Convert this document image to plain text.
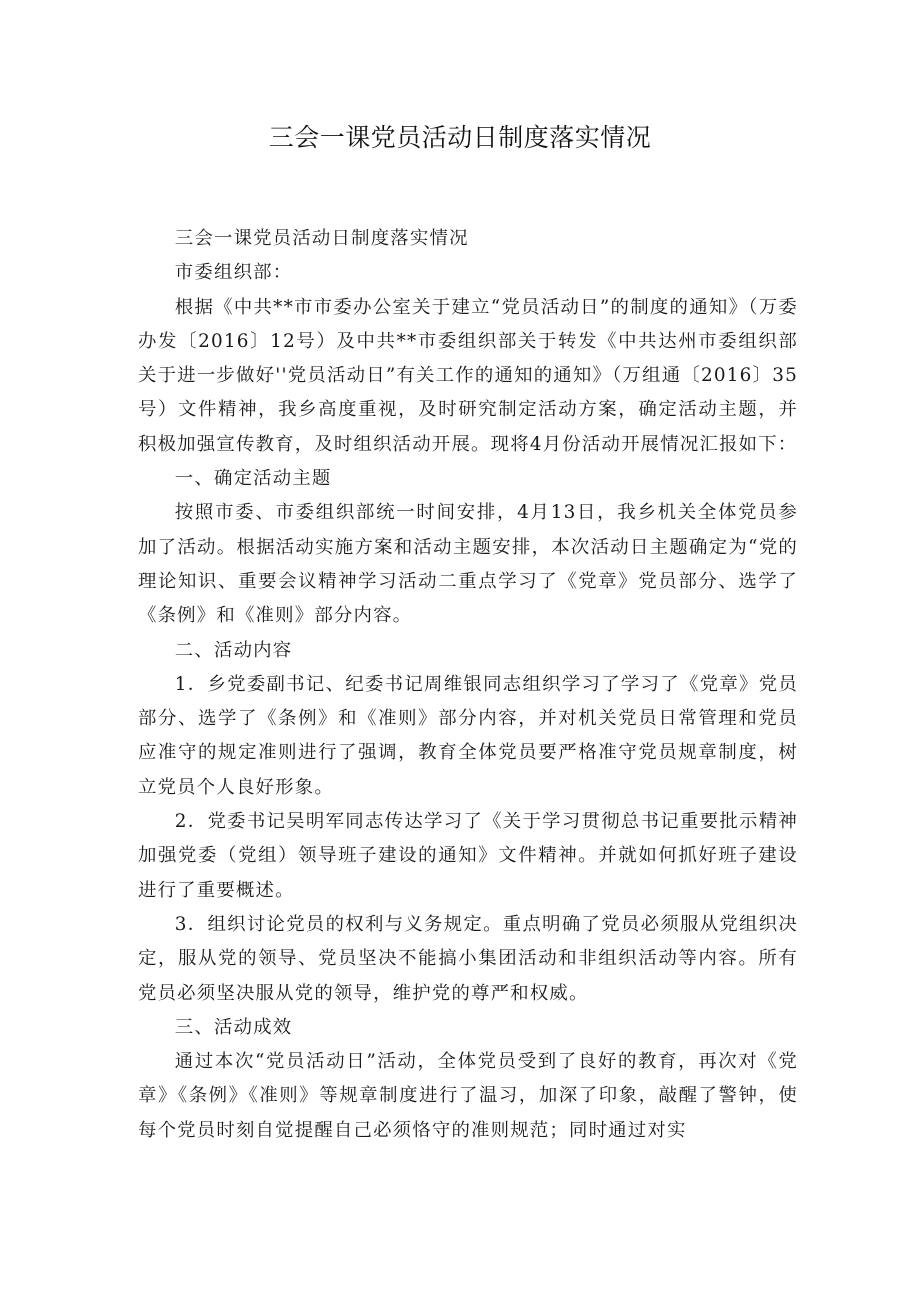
三会一课党员活动日制度落实情况

三会一课党员活动日制度落实情况

市委组织部：

根据《中共**市市委办公室关于建立“党员活动日”的制度的通知》（万委办发〔2016〕12号）及中共**市委组织部关于转发《中共达州市委组织部关于进一步做好''党员活动日”有关工作的通知的通知》（万组通〔2016〕35号）文件精神，我乡高度重视，及时研究制定活动方案，确定活动主题，并积极加强宣传教育，及时组织活动开展。现将4月份活动开展情况汇报如下：

一、确定活动主题

按照市委、市委组织部统一时间安排，4月13日，我乡机关全体党员参加了活动。根据活动实施方案和活动主题安排，本次活动日主题确定为“党的理论知识、重要会议精神学习活动二重点学习了《党章》党员部分、选学了《条例》和《准则》部分内容。

二、活动内容

1．乡党委副书记、纪委书记周维银同志组织学习了学习了《党章》党员部分、选学了《条例》和《准则》部分内容，并对机关党员日常管理和党员应准守的规定准则进行了强调，教育全体党员要严格准守党员规章制度，树立党员个人良好形象。

2．党委书记吴明军同志传达学习了《关于学习贯彻总书记重要批示精神加强党委（党组）领导班子建设的通知》文件精神。并就如何抓好班子建设进行了重要概述。

3．组织讨论党员的权利与义务规定。重点明确了党员必须服从党组织决定，服从党的领导、党员坚决不能搞小集团活动和非组织活动等内容。所有党员必须坚决服从党的领导，维护党的尊严和权威。

三、活动成效

通过本次“党员活动日”活动，全体党员受到了良好的教育，再次对《党章》《条例》《准则》等规章制度进行了温习，加深了印象，敲醒了警钟，使每个党员时刻自觉提醒自己必须恪守的准则规范；同时通过对实
